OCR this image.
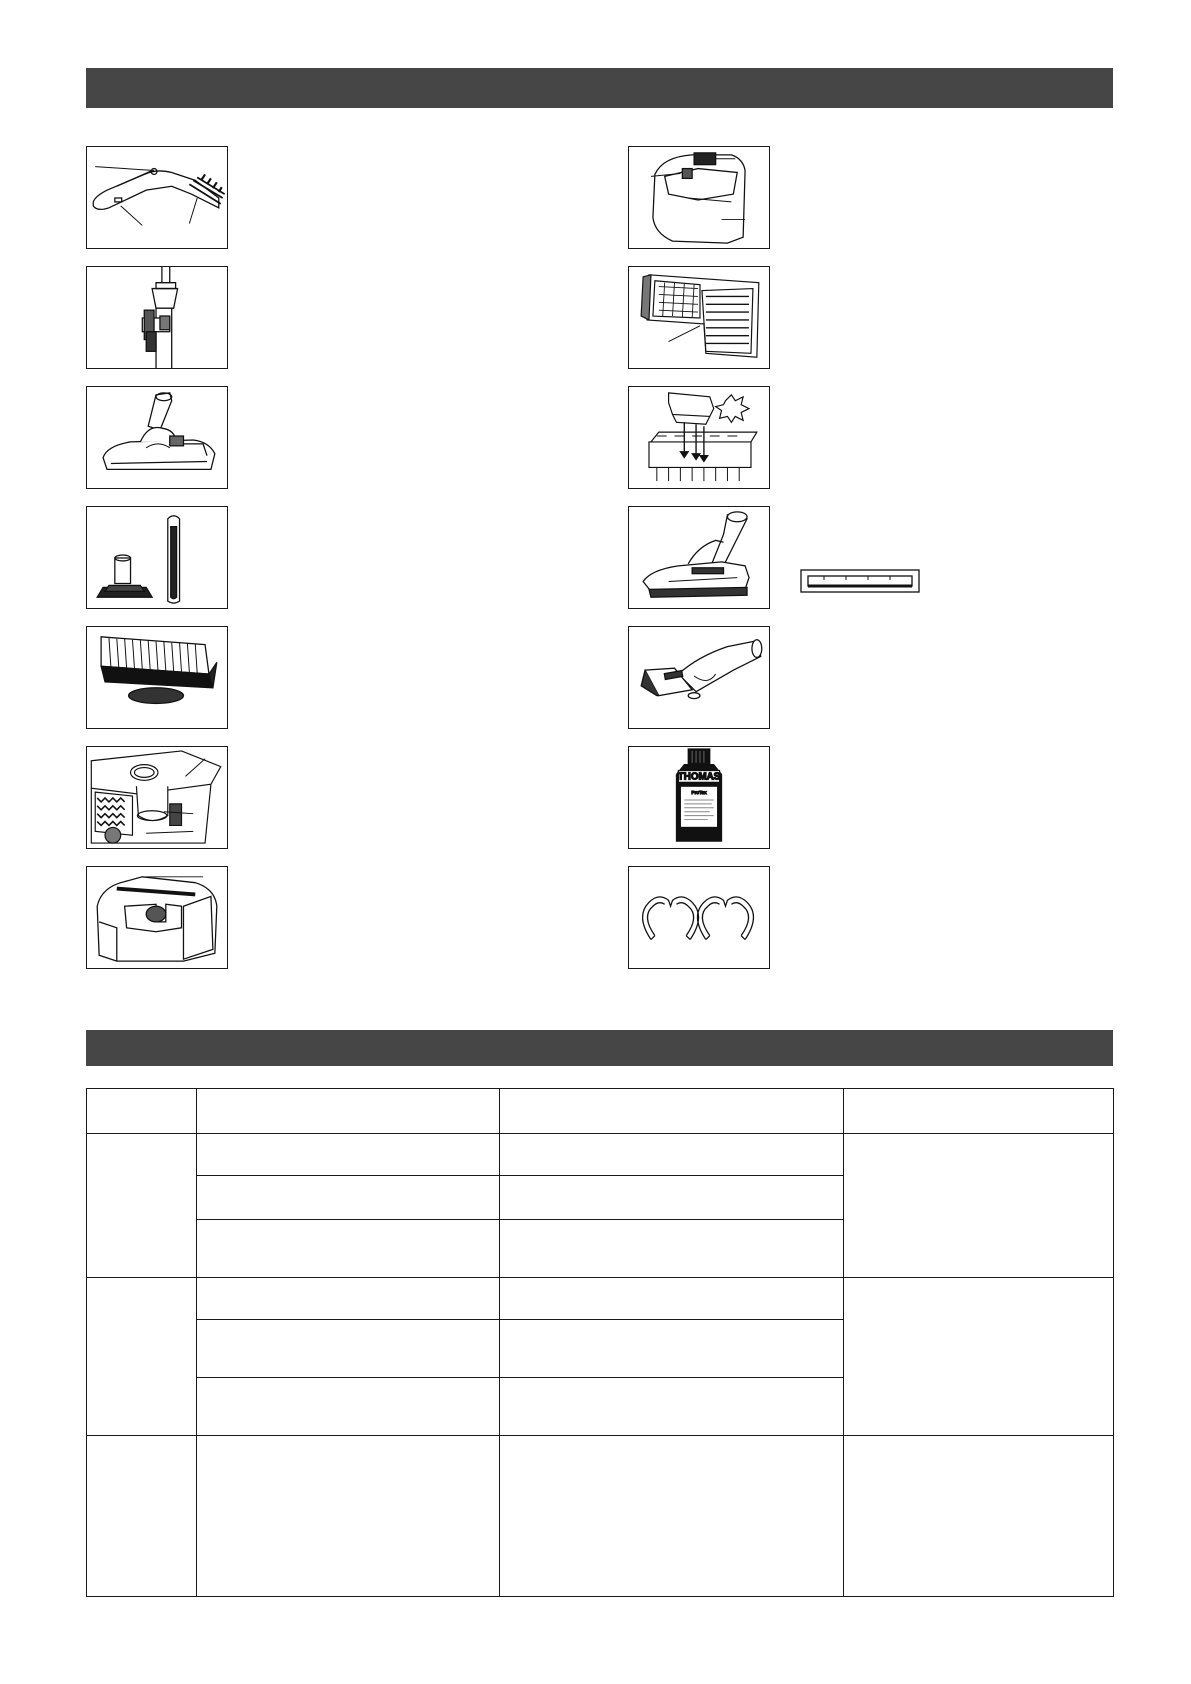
THOMAS
ProTex
